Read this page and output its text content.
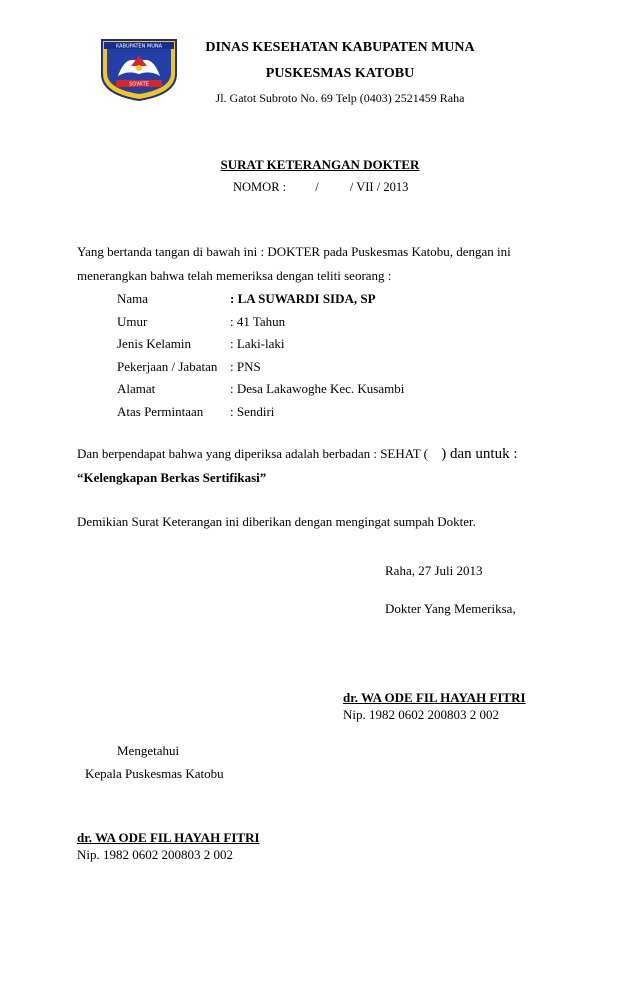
KABUPATEN MUNA
SOWITE
DINAS KESEHATAN KABUPATEN MUNA
PUSKESMAS KATOBU
Jl. Gatot Subroto No. 69 Telp (0403) 2521459 Raha
SURAT KETERANGAN DOKTER
NOMOR : / / VII / 2013
Yang bertanda tangan di bawah ini : DOKTER pada Puskesmas Katobu, dengan ini
menerangkan bahwa telah memeriksa dengan teliti seorang :
Nama	: LA SUWARDI SIDA, SP
Umur	: 41 Tahun
Jenis Kelamin	: Laki-laki
Pekerjaan / Jabatan : PNS
Alamat	: Desa Lakawoghe Kec. Kusambi
Atas Permintaan : Sendiri
Dan berpendapat bahwa yang diperiksa adalah berbadan : SEHAT ( ) dan untuk :
“Kelengkapan Berkas Sertifikasi”
Demikian Surat Keterangan ini diberikan dengan mengingat sumpah Dokter.
Raha, 27 Juli 2013
Dokter Yang Memeriksa,
dr. WA ODE FIL HAYAH FITRI
Nip. 1982 0602 200803 2 002
Mengetahui
Kepala Puskesmas Katobu
dr. WA ODE FIL HAYAH FITRI
Nip. 1982 0602 200803 2 002
